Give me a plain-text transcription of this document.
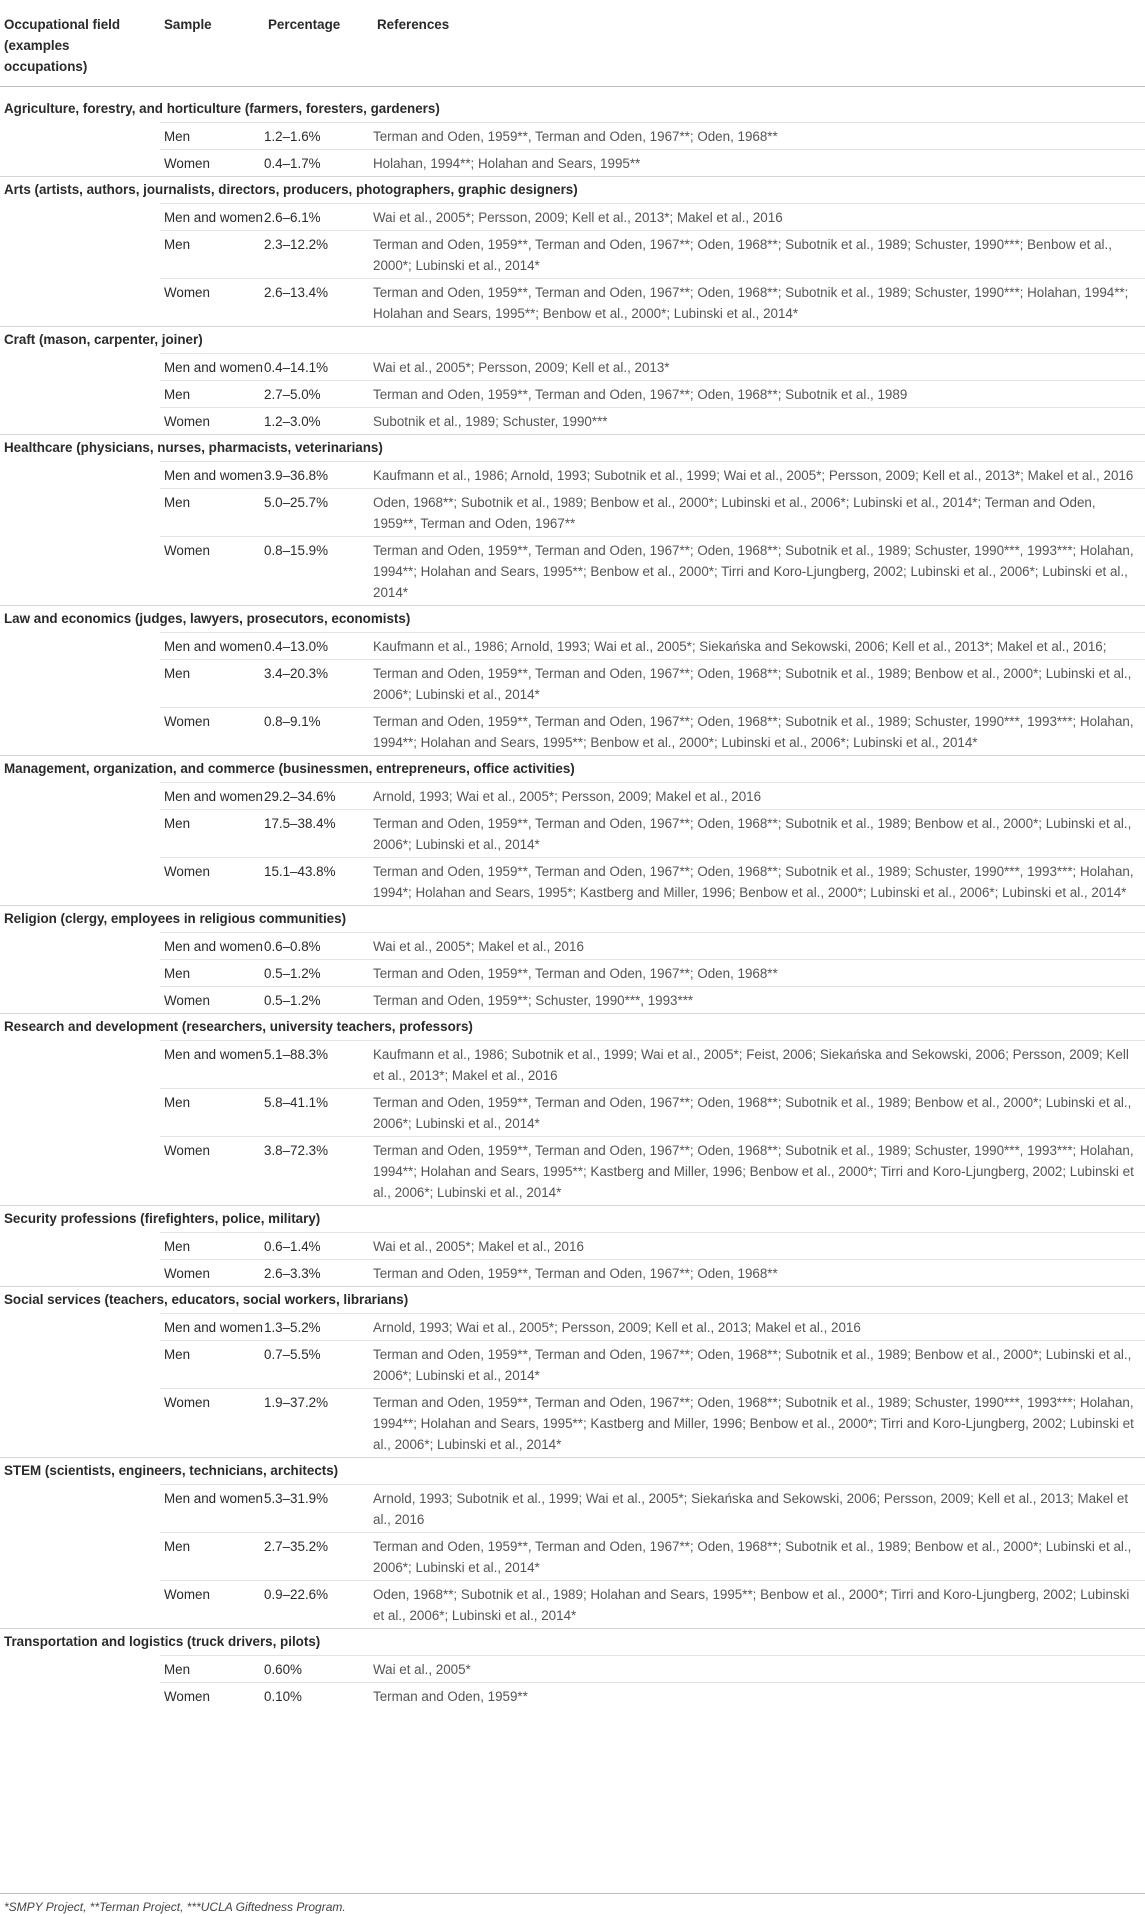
Occupational field (examples occupations)
Sample	Percentage	References
Agriculture, forestry, and horticulture (farmers, foresters, gardeners)
Men	1.2–1.6%	Terman and Oden, 1959**, Terman and Oden, 1967**; Oden, 1968**
Women	0.4–1.7%	Holahan, 1994**; Holahan and Sears, 1995**
Arts (artists, authors, journalists, directors, producers, photographers, graphic designers)
Men and women 2.6–6.1%	Wai et al., 2005*; Persson, 2009; Kell et al., 2013*; Makel et al., 2016
Men	2.3–12.2%	Terman and Oden, 1959**, Terman and Oden, 1967**; Oden, 1968**; Subotnik et al., 1989; Schuster, 1990***; Benbow et al., 2000*; Lubinski et al., 2014*
Women	2.6–13.4%	Terman and Oden, 1959**, Terman and Oden, 1967**; Oden, 1968**; Subotnik et al., 1989; Schuster, 1990***; Holahan, 1994**; Holahan and Sears, 1995**; Benbow et al., 2000*; Lubinski et al., 2014*
Craft (mason, carpenter, joiner)
Men and women 0.4–14.1%	Wai et al., 2005*; Persson, 2009; Kell et al., 2013*
Men	2.7–5.0%	Terman and Oden, 1959**, Terman and Oden, 1967**; Oden, 1968**; Subotnik et al., 1989
Women	1.2–3.0%	Subotnik et al., 1989; Schuster, 1990***
Healthcare (physicians, nurses, pharmacists, veterinarians)
Men and women 3.9–36.8%	Kaufmann et al., 1986; Arnold, 1993; Subotnik et al., 1999; Wai et al., 2005*; Persson, 2009; Kell et al., 2013*; Makel et al., 2016
Men	5.0–25.7%	Oden, 1968**; Subotnik et al., 1989; Benbow et al., 2000*; Lubinski et al., 2006*; Lubinski et al., 2014*; Terman and Oden, 1959**, Terman and Oden, 1967**
Women	0.8–15.9%	Terman and Oden, 1959**, Terman and Oden, 1967**; Oden, 1968**; Subotnik et al., 1989; Schuster, 1990***, 1993***; Holahan, 1994**; Holahan and Sears, 1995**; Benbow et al., 2000*; Tirri and Koro-Ljungberg, 2002; Lubinski et al., 2006*; Lubinski et al., 2014*
Law and economics (judges, lawyers, prosecutors, economists)
Men and women 0.4–13.0%	Kaufmann et al., 1986; Arnold, 1993; Wai et al., 2005*; Siekańska and Sekowski, 2006; Kell et al., 2013*; Makel et al., 2016;
Men	3.4–20.3%	Terman and Oden, 1959**, Terman and Oden, 1967**; Oden, 1968**; Subotnik et al., 1989; Benbow et al., 2000*; Lubinski et al., 2006*; Lubinski et al., 2014*
Women	0.8–9.1%	Terman and Oden, 1959**, Terman and Oden, 1967**; Oden, 1968**; Subotnik et al., 1989; Schuster, 1990***, 1993***; Holahan, 1994**; Holahan and Sears, 1995**; Benbow et al., 2000*; Lubinski et al., 2006*; Lubinski et al., 2014*
Management, organization, and commerce (businessmen, entrepreneurs, office activities)
Men and women 29.2–34.6%	Arnold, 1993; Wai et al., 2005*; Persson, 2009; Makel et al., 2016
Men	17.5–38.4%	Terman and Oden, 1959**, Terman and Oden, 1967**; Oden, 1968**; Subotnik et al., 1989; Benbow et al., 2000*; Lubinski et al., 2006*; Lubinski et al., 2014*
Women	15.1–43.8%	Terman and Oden, 1959**, Terman and Oden, 1967**; Oden, 1968**; Subotnik et al., 1989; Schuster, 1990***, 1993***; Holahan, 1994*; Holahan and Sears, 1995*; Kastberg and Miller, 1996; Benbow et al., 2000*; Lubinski et al., 2006*; Lubinski et al., 2014*
Religion (clergy, employees in religious communities)
Men and women 0.6–0.8%	Wai et al., 2005*; Makel et al., 2016
Men	0.5–1.2%	Terman and Oden, 1959**, Terman and Oden, 1967**; Oden, 1968**
Women	0.5–1.2%	Terman and Oden, 1959**; Schuster, 1990***, 1993***
Research and development (researchers, university teachers, professors)
Men and women 5.1–88.3%	Kaufmann et al., 1986; Subotnik et al., 1999; Wai et al., 2005*; Feist, 2006; Siekańska and Sekowski, 2006; Persson, 2009; Kell et al., 2013*; Makel et al., 2016
Men	5.8–41.1%	Terman and Oden, 1959**, Terman and Oden, 1967**; Oden, 1968**; Subotnik et al., 1989; Benbow et al., 2000*; Lubinski et al., 2006*; Lubinski et al., 2014*
Women	3.8–72.3%	Terman and Oden, 1959**, Terman and Oden, 1967**; Oden, 1968**; Subotnik et al., 1989; Schuster, 1990***, 1993***; Holahan, 1994**; Holahan and Sears, 1995**; Kastberg and Miller, 1996; Benbow et al., 2000*; Tirri and Koro-Ljungberg, 2002; Lubinski et al., 2006*; Lubinski et al., 2014*
Security professions (firefighters, police, military)
Men	0.6–1.4%	Wai et al., 2005*; Makel et al., 2016
Women	2.6–3.3%	Terman and Oden, 1959**, Terman and Oden, 1967**; Oden, 1968**
Social services (teachers, educators, social workers, librarians)
Men and women 1.3–5.2%	Arnold, 1993; Wai et al., 2005*; Persson, 2009; Kell et al., 2013; Makel et al., 2016
Men	0.7–5.5%	Terman and Oden, 1959**, Terman and Oden, 1967**; Oden, 1968**; Subotnik et al., 1989; Benbow et al., 2000*; Lubinski et al., 2006*; Lubinski et al., 2014*
Women	1.9–37.2%	Terman and Oden, 1959**, Terman and Oden, 1967**; Oden, 1968**; Subotnik et al., 1989; Schuster, 1990***, 1993***; Holahan, 1994**; Holahan and Sears, 1995**; Kastberg and Miller, 1996; Benbow et al., 2000*; Tirri and Koro-Ljungberg, 2002; Lubinski et al., 2006*; Lubinski et al., 2014*
STEM (scientists, engineers, technicians, architects)
Men and women 5.3–31.9%	Arnold, 1993; Subotnik et al., 1999; Wai et al., 2005*; Siekańska and Sekowski, 2006; Persson, 2009; Kell et al., 2013; Makel et al., 2016
Men	2.7–35.2%	Terman and Oden, 1959**, Terman and Oden, 1967**; Oden, 1968**; Subotnik et al., 1989; Benbow et al., 2000*; Lubinski et al., 2006*; Lubinski et al., 2014*
Women	0.9–22.6%	Oden, 1968**; Subotnik et al., 1989; Holahan and Sears, 1995**; Benbow et al., 2000*; Tirri and Koro-Ljungberg, 2002; Lubinski et al., 2006*; Lubinski et al., 2014*
Transportation and logistics (truck drivers, pilots)
Men	0.60%	Wai et al., 2005*
Women	0.10%	Terman and Oden, 1959**
*SMPY Project, **Terman Project, ***UCLA Giftedness Program.
